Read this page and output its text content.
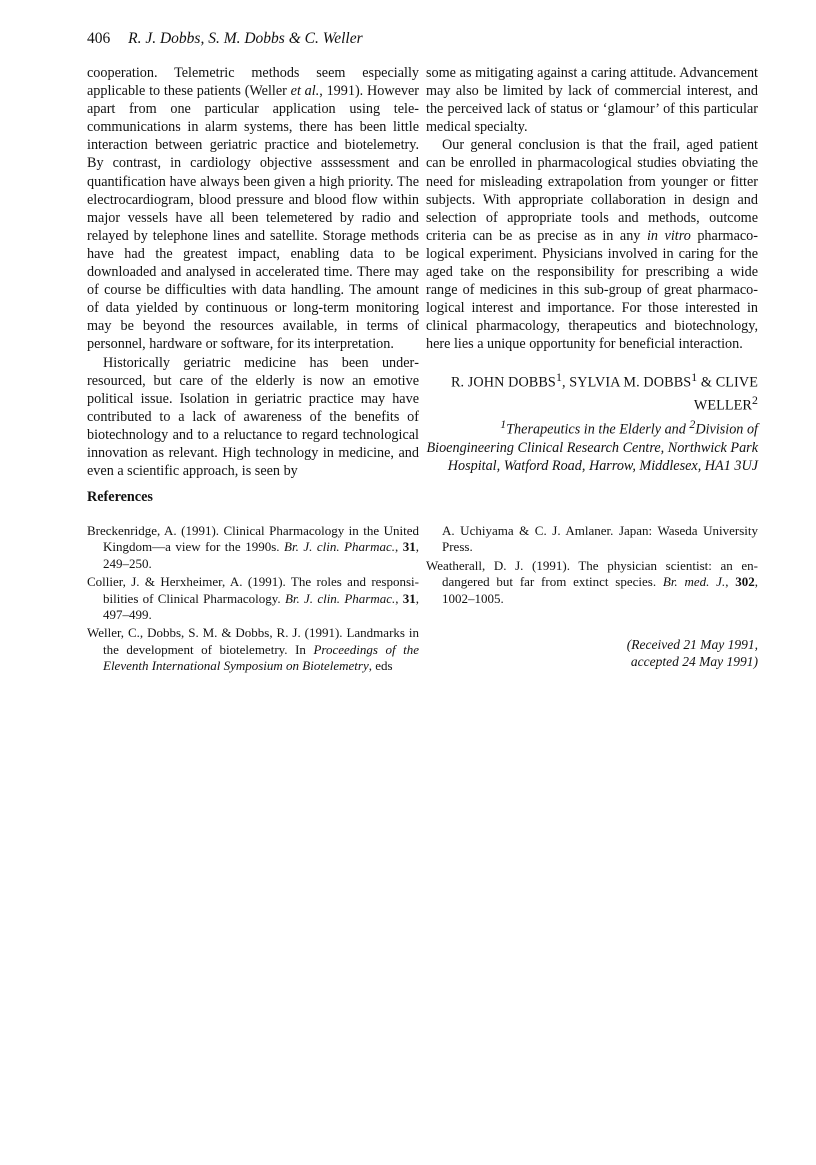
406 R. J. Dobbs, S. M. Dobbs & C. Weller

cooperation. Telemetric methods seem especially applicable to these patients (Weller et al., 1991). However apart from one particular application using telecommunications in alarm systems, there has been little interaction between geriatric practice and biotelemetry. By contrast, in cardiology objective asssessment and quantification have always been given a high priority. The electrocardiogram, blood pressure and blood flow within major vessels have all been telemetered by radio and relayed by telephone lines and satellite. Storage methods have had the greatest impact, enabling data to be downloaded and analysed in accelerated time. There may of course be difficulties with data handling. The amount of data yielded by continuous or long-term monitoring may be beyond the resources available, in terms of personnel, hardware or software, for its interpretation.

Historically geriatric medicine has been underresourced, but care of the elderly is now an emotive political issue. Isolation in geriatric practice may have contributed to a lack of awareness of the benefits of biotechnology and to a reluctance to regard technological innovation as relevant. High technology in medicine, and even a scientific approach, is seen by

some as mitigating against a caring attitude. Advancement may also be limited by lack of commercial interest, and the perceived lack of status or ‘glamour’ of this particular medical specialty.

Our general conclusion is that the frail, aged patient can be enrolled in pharmacological studies obviating the need for misleading extrapolation from younger or fitter subjects. With appropriate collaboration in design and selection of appropriate tools and methods, outcome criteria can be as precise as in any in vitro pharmacological experiment. Physicians involved in caring for the aged take on the responsibility for prescribing a wide range of medicines in this sub-group of great pharmacological interest and importance. For those interested in clinical pharmacology, therapeutics and biotechnology, here lies a unique opportunity for beneficial interaction.

R. JOHN DOBBS$^1$, SYLVIA M. DOBBS$^1$ & CLIVE
WELLER$^2$
$^1$Therapeutics in the Elderly and $^2$Division of Bioengineering Clinical Research Centre, Northwick Park Hospital, Watford Road, Harrow, Middlesex, HA1 3UJ
References

Breckenridge, A. (1991). Clinical Pharmacology in the United Kingdom—a view for the 1990s. Br. J. clin. Pharmac., 31, 249–250.

Collier, J. & Herxheimer, A. (1991). The roles and responsibilities of Clinical Pharmacology. Br. J. clin. Pharmac., 31, 497–499.

Weller, C., Dobbs, S. M. & Dobbs, R. J. (1991). Landmarks in the development of biotelemetry. In Proceedings of the Eleventh International Symposium on Biotelemetry, eds

A. Uchiyama & C. J. Amlaner. Japan: Waseda University Press.

Weatherall, D. J. (1991). The physician scientist: an endangered but far from extinct species. Br. med. J., 302, 1002–1005.

(Received 21 May 1991,
accepted 24 May 1991)
